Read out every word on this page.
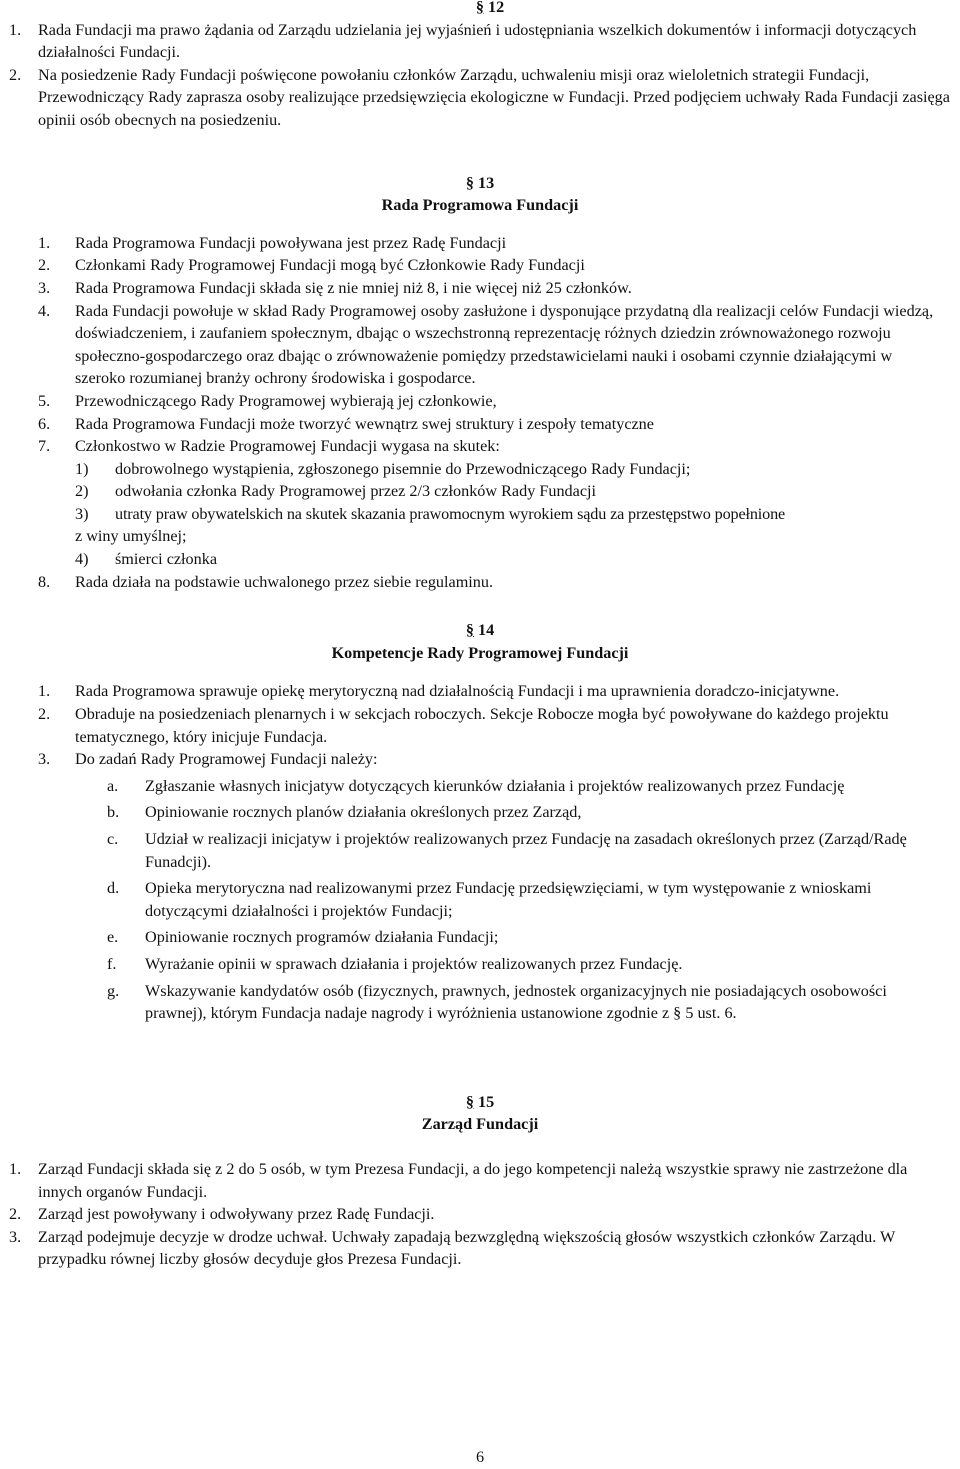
§ 12
1. Rada Fundacji ma prawo żądania od Zarządu udzielania jej wyjaśnień i udostępniania wszelkich dokumentów i informacji dotyczących działalności Fundacji.
2. Na posiedzenie Rady Fundacji poświęcone powołaniu członków Zarządu, uchwaleniu misji oraz wieloletnich strategii Fundacji, Przewodniczący Rady zaprasza osoby realizujące przedsięwzięcia ekologiczne w Fundacji. Przed podjęciem uchwały Rada Fundacji zasięga opinii osób obecnych na posiedzeniu.
§ 13
Rada Programowa Fundacji
1. Rada Programowa Fundacji powoływana jest przez Radę Fundacji
2. Członkami Rady Programowej Fundacji mogą być Członkowie Rady Fundacji
3. Rada Programowa Fundacji składa się z nie mniej niż 8, i nie więcej niż 25 członków.
4. Rada Fundacji powołuje w skład Rady Programowej osoby zasłużone i dysponujące przydatną dla realizacji celów Fundacji wiedzą, doświadczeniem, i zaufaniem społecznym, dbając o wszechstronną reprezentację różnych dziedzin zrównoważonego rozwoju społeczno-gospodarczego oraz dbając o zrównoważenie pomiędzy przedstawicielami nauki i osobami czynnie działającymi w szeroko rozumianej branży ochrony środowiska i gospodarce.
5. Przewodniczącego Rady Programowej wybierają jej członkowie,
6. Rada Programowa Fundacji może tworzyć wewnątrz swej struktury i zespoły tematyczne
7. Członkostwo w Radzie Programowej Fundacji wygasa na skutek:
1) dobrowolnego wystąpienia, zgłoszonego pisemnie do Przewodniczącego Rady Fundacji;
2) odwołania członka Rady Programowej przez 2/3 członków Rady Fundacji
3) utraty praw obywatelskich na skutek skazania prawomocnym wyrokiem sądu za przestępstwo popełnione
z winy umyślnej;
4) śmierci członka
8. Rada działa na podstawie uchwalonego przez siebie regulaminu.
§ 14
Kompetencje Rady Programowej Fundacji
1. Rada Programowa sprawuje opiekę merytoryczną nad działalnością Fundacji i ma uprawnienia doradczo-inicjatywne.
2. Obraduje na posiedzeniach plenarnych i w sekcjach roboczych. Sekcje Robocze mogła być powoływane do każdego projektu tematycznego, który inicjuje Fundacja.
3. Do zadań Rady Programowej Fundacji należy:
a. Zgłaszanie własnych inicjatyw dotyczących kierunków działania i projektów realizowanych przez Fundację
b. Opiniowanie rocznych planów działania określonych przez Zarząd,
c. Udział w realizacji inicjatyw i projektów realizowanych przez Fundację na zasadach określonych przez (Zarząd/Radę Funadcji).
d. Opieka merytoryczna nad realizowanymi przez Fundację przedsięwzięciami, w tym występowanie z wnioskami dotyczącymi działalności i projektów Fundacji;
e. Opiniowanie rocznych programów działania Fundacji;
f. Wyrażanie opinii w sprawach działania i projektów realizowanych przez Fundację.
g. Wskazywanie kandydatów osób (fizycznych, prawnych, jednostek organizacyjnych nie posiadających osobowości prawnej), którym Fundacja nadaje nagrody i wyróżnienia ustanowione zgodnie z § 5 ust. 6.
§ 15
Zarząd Fundacji
1. Zarząd Fundacji składa się z 2 do 5 osób, w tym Prezesa Fundacji, a do jego kompetencji należą wszystkie sprawy nie zastrzeżone dla innych organów Fundacji.
2. Zarząd jest powoływany i odwoływany przez Radę Fundacji.
3. Zarząd podejmuje decyzje w drodze uchwał. Uchwały zapadają bezwzględną większością głosów wszystkich członków Zarządu. W przypadku równej liczby głosów decyduje głos Prezesa Fundacji.
6
